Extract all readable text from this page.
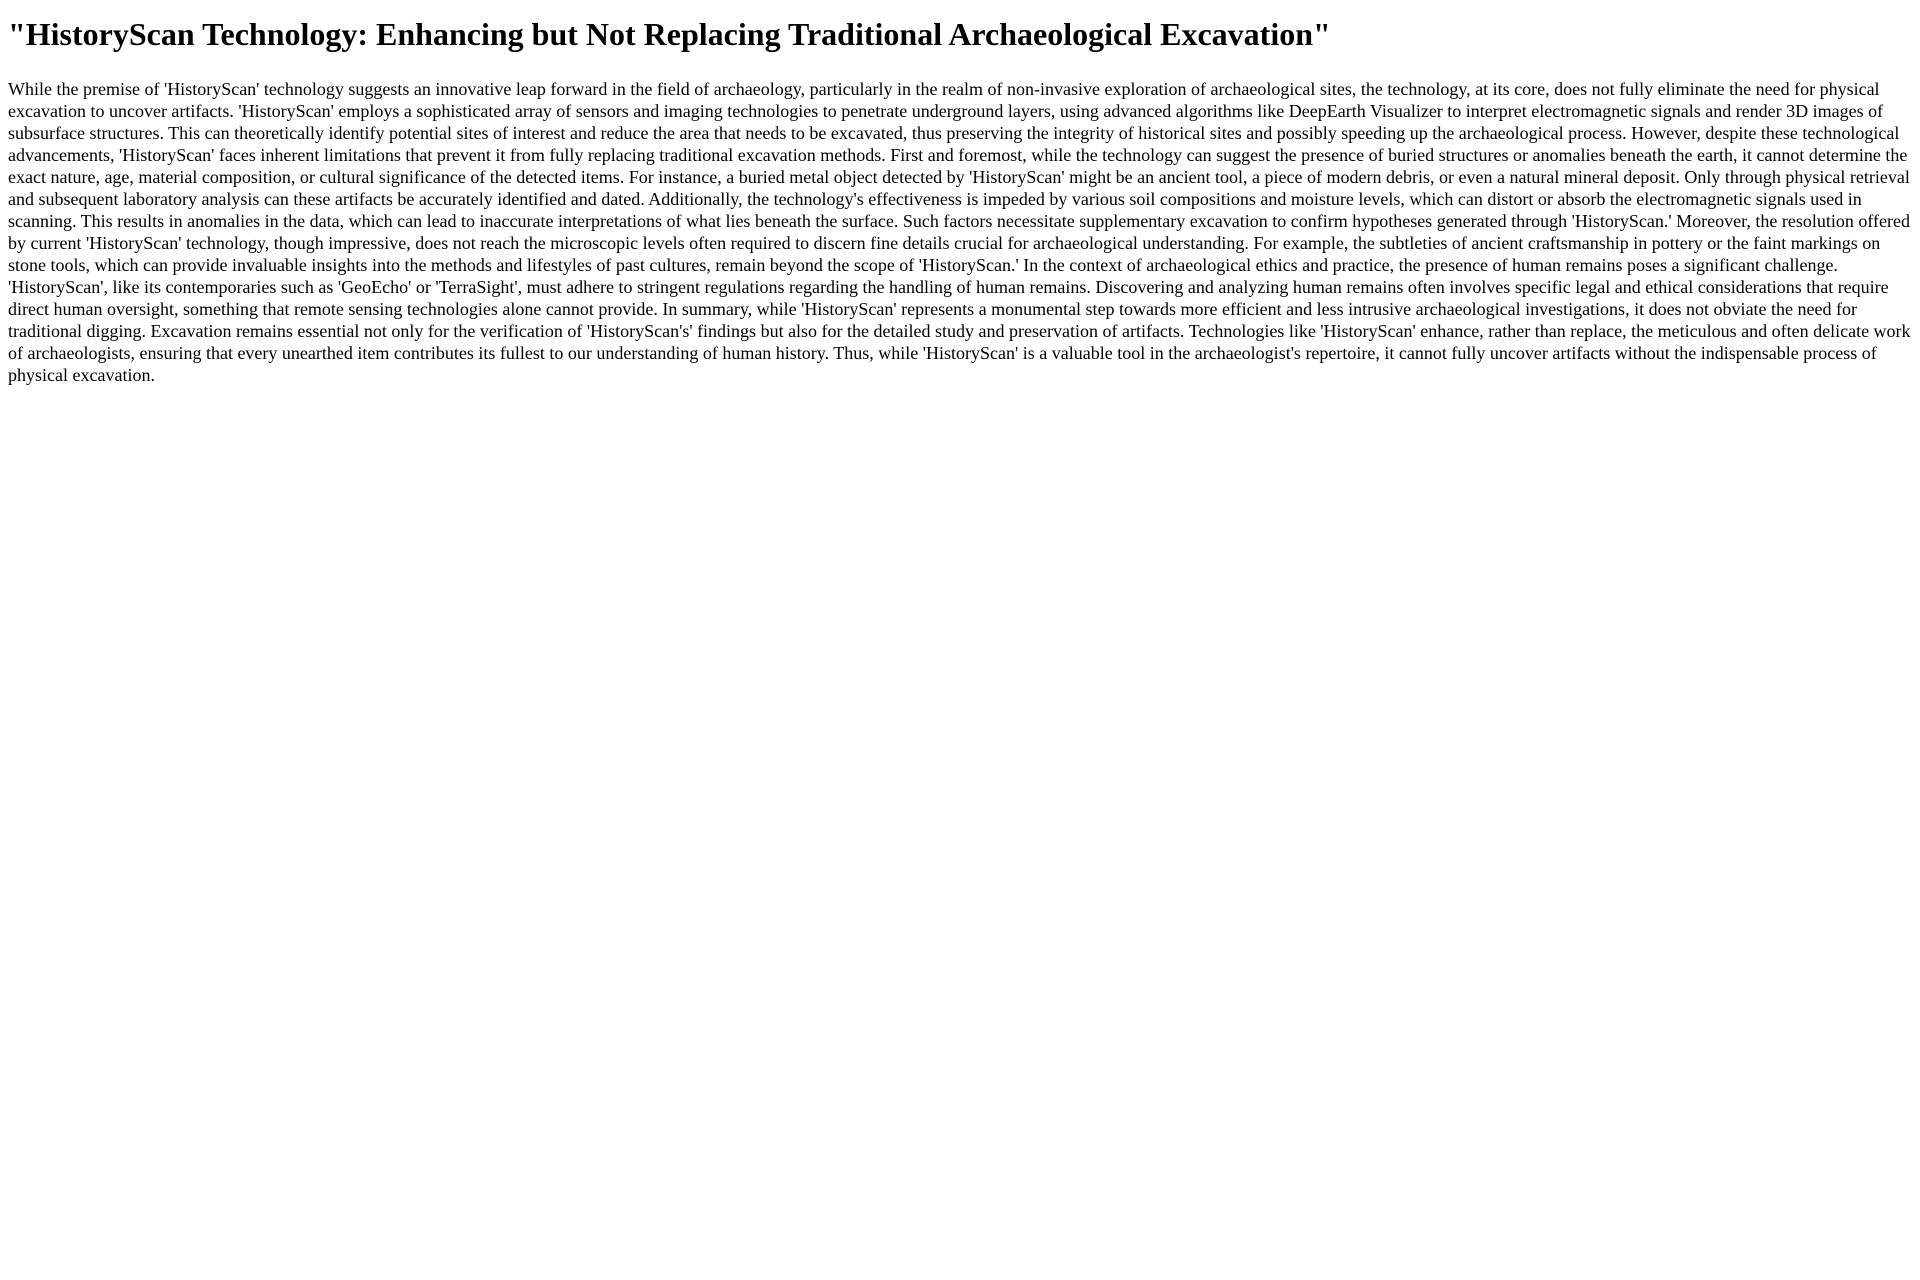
"HistoryScan Technology: Enhancing but Not Replacing Traditional Archaeological Excavation"

While the premise of 'HistoryScan' technology suggests an innovative leap forward in the field of archaeology, particularly in the realm of non-invasive exploration of archaeological sites, the technology, at its core, does not fully eliminate the need for physical excavation to uncover artifacts. 'HistoryScan' employs a sophisticated array of sensors and imaging technologies to penetrate underground layers, using advanced algorithms like DeepEarth Visualizer to interpret electromagnetic signals and render 3D images of subsurface structures. This can theoretically identify potential sites of interest and reduce the area that needs to be excavated, thus preserving the integrity of historical sites and possibly speeding up the archaeological process. However, despite these technological advancements, 'HistoryScan' faces inherent limitations that prevent it from fully replacing traditional excavation methods. First and foremost, while the technology can suggest the presence of buried structures or anomalies beneath the earth, it cannot determine the exact nature, age, material composition, or cultural significance of the detected items. For instance, a buried metal object detected by 'HistoryScan' might be an ancient tool, a piece of modern debris, or even a natural mineral deposit. Only through physical retrieval and subsequent laboratory analysis can these artifacts be accurately identified and dated. Additionally, the technology's effectiveness is impeded by various soil compositions and moisture levels, which can distort or absorb the electromagnetic signals used in scanning. This results in anomalies in the data, which can lead to inaccurate interpretations of what lies beneath the surface. Such factors necessitate supplementary excavation to confirm hypotheses generated through 'HistoryScan.' Moreover, the resolution offered by current 'HistoryScan' technology, though impressive, does not reach the microscopic levels often required to discern fine details crucial for archaeological understanding. For example, the subtleties of ancient craftsmanship in pottery or the faint markings on stone tools, which can provide invaluable insights into the methods and lifestyles of past cultures, remain beyond the scope of 'HistoryScan.' In the context of archaeological ethics and practice, the presence of human remains poses a significant challenge. 'HistoryScan', like its contemporaries such as 'GeoEcho' or 'TerraSight', must adhere to stringent regulations regarding the handling of human remains. Discovering and analyzing human remains often involves specific legal and ethical considerations that require direct human oversight, something that remote sensing technologies alone cannot provide. In summary, while 'HistoryScan' represents a monumental step towards more efficient and less intrusive archaeological investigations, it does not obviate the need for traditional digging. Excavation remains essential not only for the verification of 'HistoryScan's' findings but also for the detailed study and preservation of artifacts. Technologies like 'HistoryScan' enhance, rather than replace, the meticulous and often delicate work of archaeologists, ensuring that every unearthed item contributes its fullest to our understanding of human history. Thus, while 'HistoryScan' is a valuable tool in the archaeologist's repertoire, it cannot fully uncover artifacts without the indispensable process of physical excavation.
